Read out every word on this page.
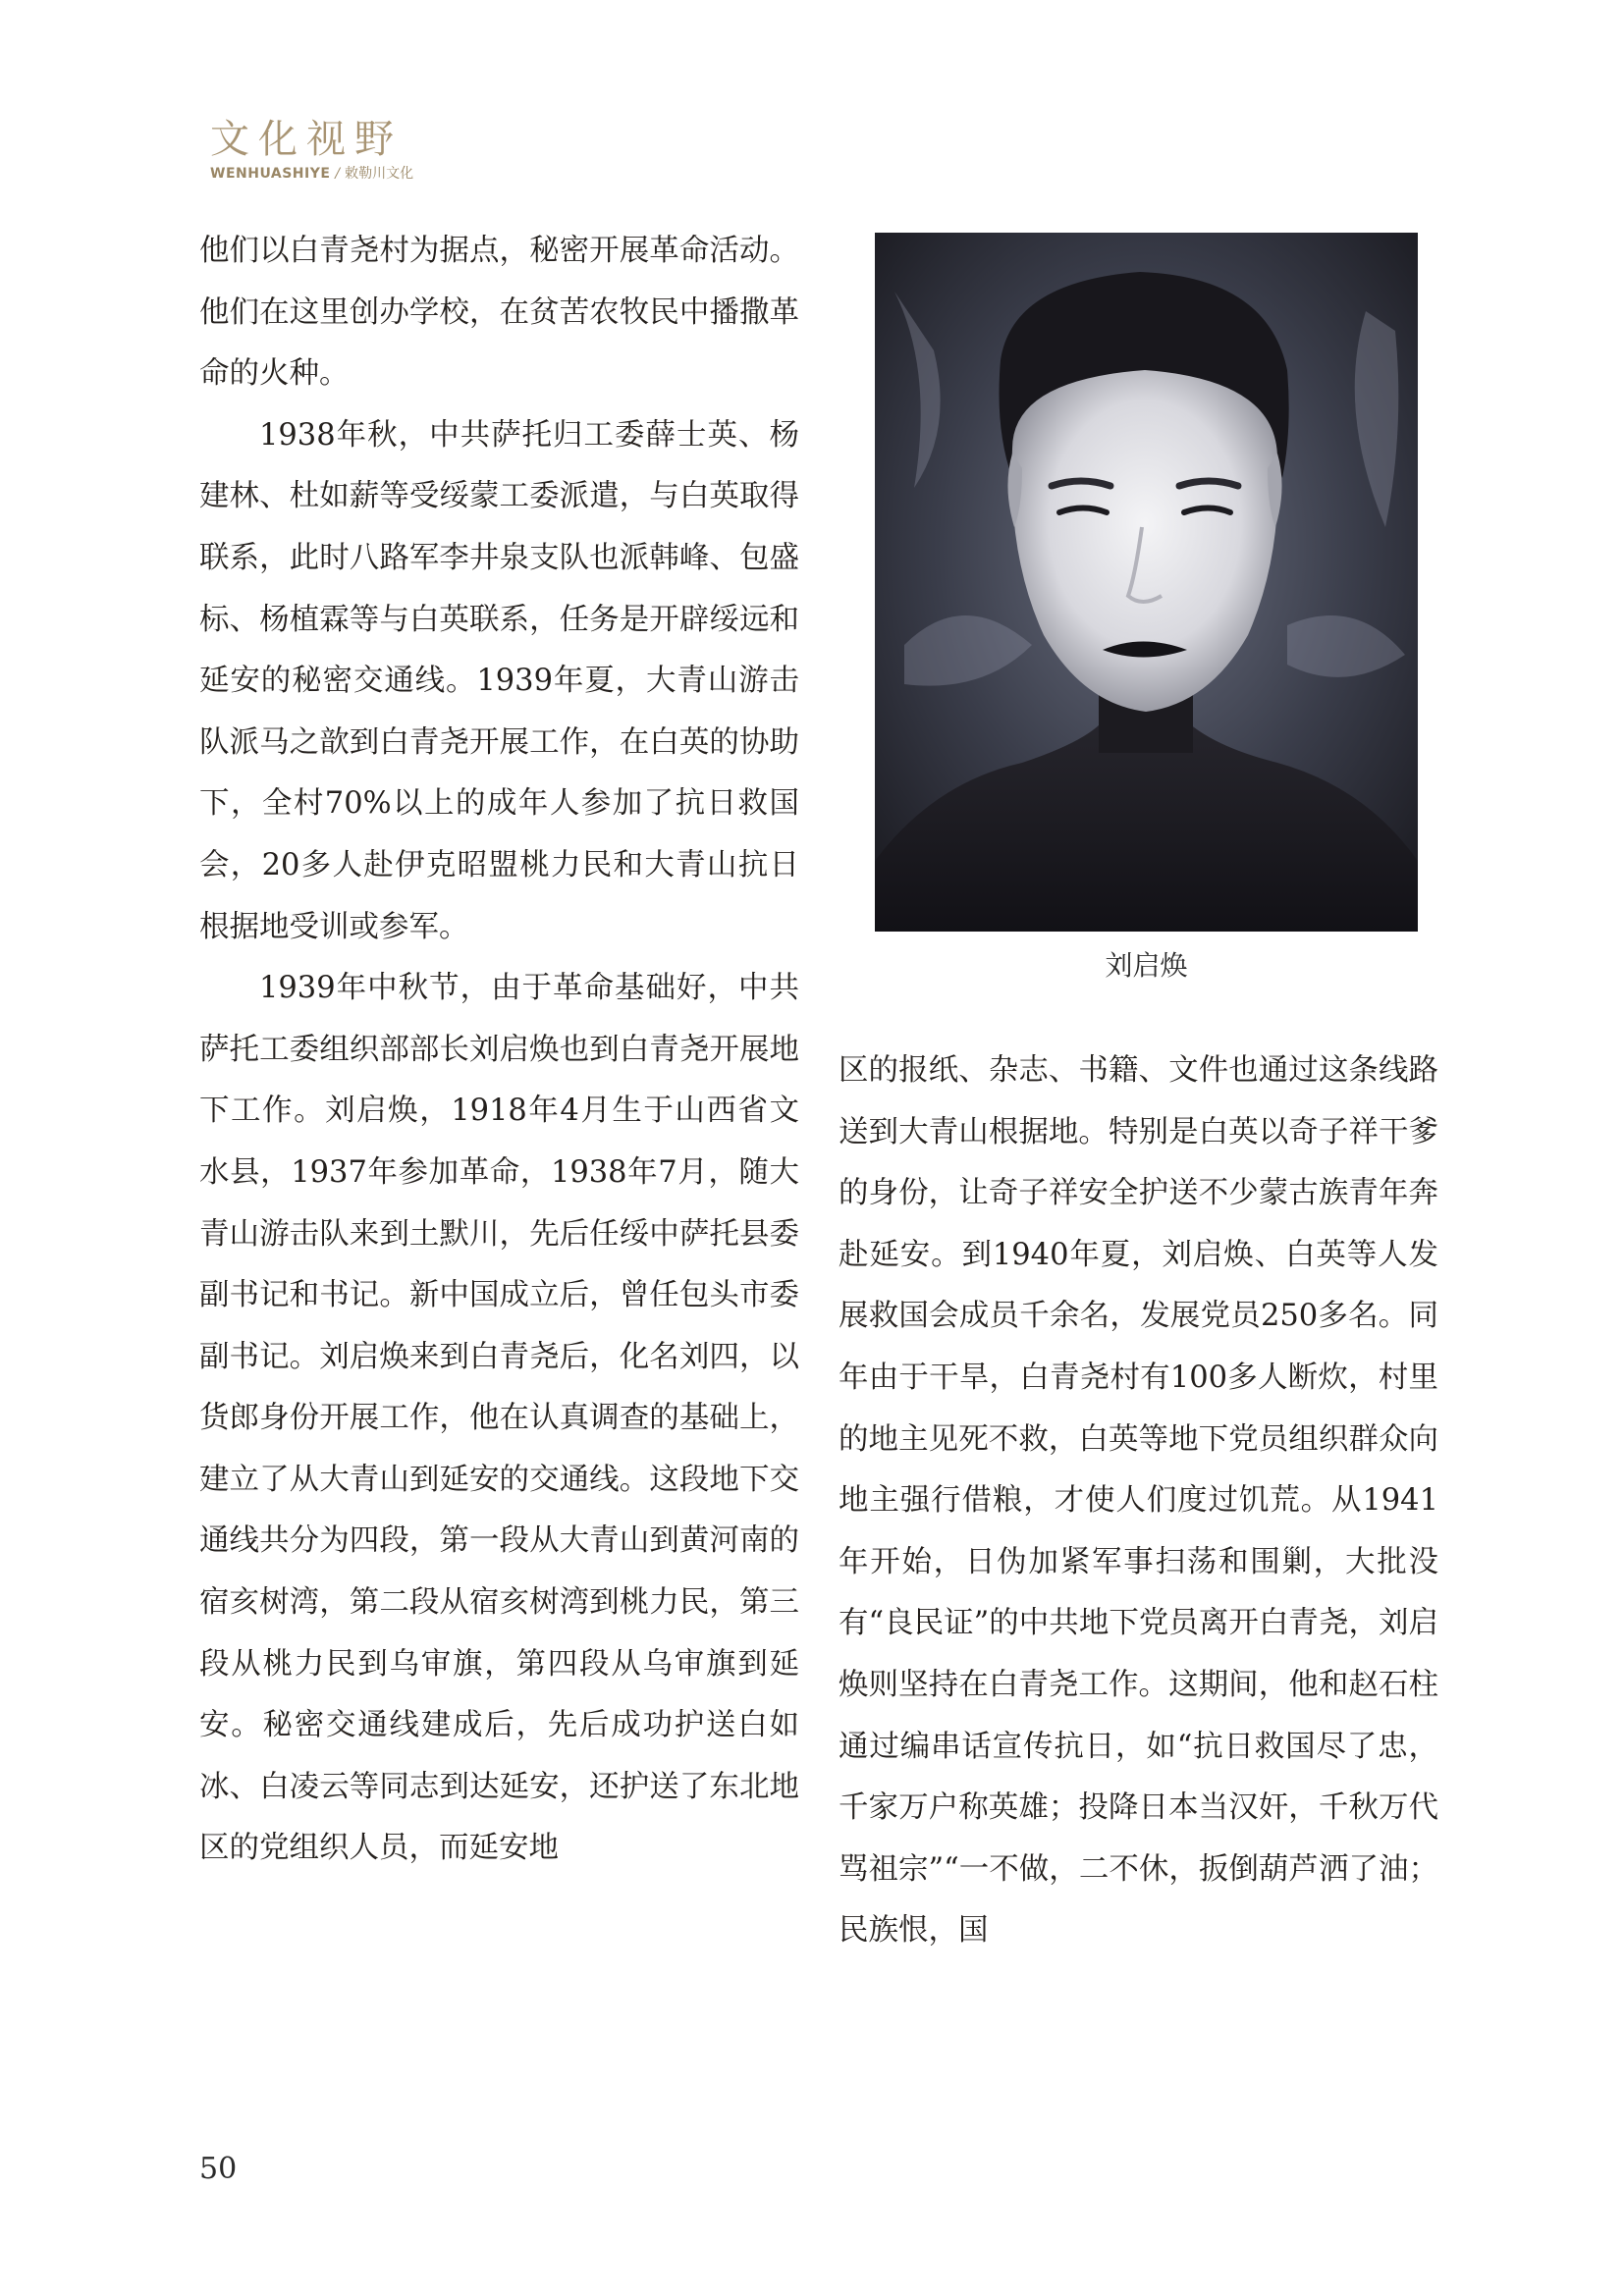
文化视野
WENHUASHIYE / 敕勒川文化

他们以白青尧村为据点，秘密开展革命活动。他们在这里创办学校，在贫苦农牧民中播撒革命的火种。

1938年秋，中共萨托归工委薛士英、杨建林、杜如薪等受绥蒙工委派遣，与白英取得联系，此时八路军李井泉支队也派韩峰、包盛标、杨植霖等与白英联系，任务是开辟绥远和延安的秘密交通线。1939年夏，大青山游击队派马之歆到白青尧开展工作，在白英的协助下，全村70%以上的成年人参加了抗日救国会，20多人赴伊克昭盟桃力民和大青山抗日根据地受训或参军。

1939年中秋节，由于革命基础好，中共萨托工委组织部部长刘启焕也到白青尧开展地下工作。刘启焕，1918年4月生于山西省文水县，1937年参加革命，1938年7月，随大青山游击队来到土默川，先后任绥中萨托县委副书记和书记。新中国成立后，曾任包头市委副书记。刘启焕来到白青尧后，化名刘四，以货郎身份开展工作，他在认真调查的基础上，建立了从大青山到延安的交通线。这段地下交通线共分为四段，第一段从大青山到黄河南的宿亥树湾，第二段从宿亥树湾到桃力民，第三段从桃力民到乌审旗，第四段从乌审旗到延安。秘密交通线建成后，先后成功护送白如冰、白凌云等同志到达延安，还护送了东北地区的党组织人员，而延安地

刘启焕

区的报纸、杂志、书籍、文件也通过这条线路送到大青山根据地。特别是白英以奇子祥干爹的身份，让奇子祥安全护送不少蒙古族青年奔赴延安。到1940年夏，刘启焕、白英等人发展救国会成员千余名，发展党员250多名。同年由于干旱，白青尧村有100多人断炊，村里的地主见死不救，白英等地下党员组织群众向地主强行借粮，才使人们度过饥荒。从1941年开始，日伪加紧军事扫荡和围剿，大批没有“良民证”的中共地下党员离开白青尧，刘启焕则坚持在白青尧工作。这期间，他和赵石柱通过编串话宣传抗日，如“抗日救国尽了忠，千家万户称英雄；投降日本当汉奸，千秋万代骂祖宗”“一不做，二不休，扳倒葫芦洒了油；民族恨，国

50
